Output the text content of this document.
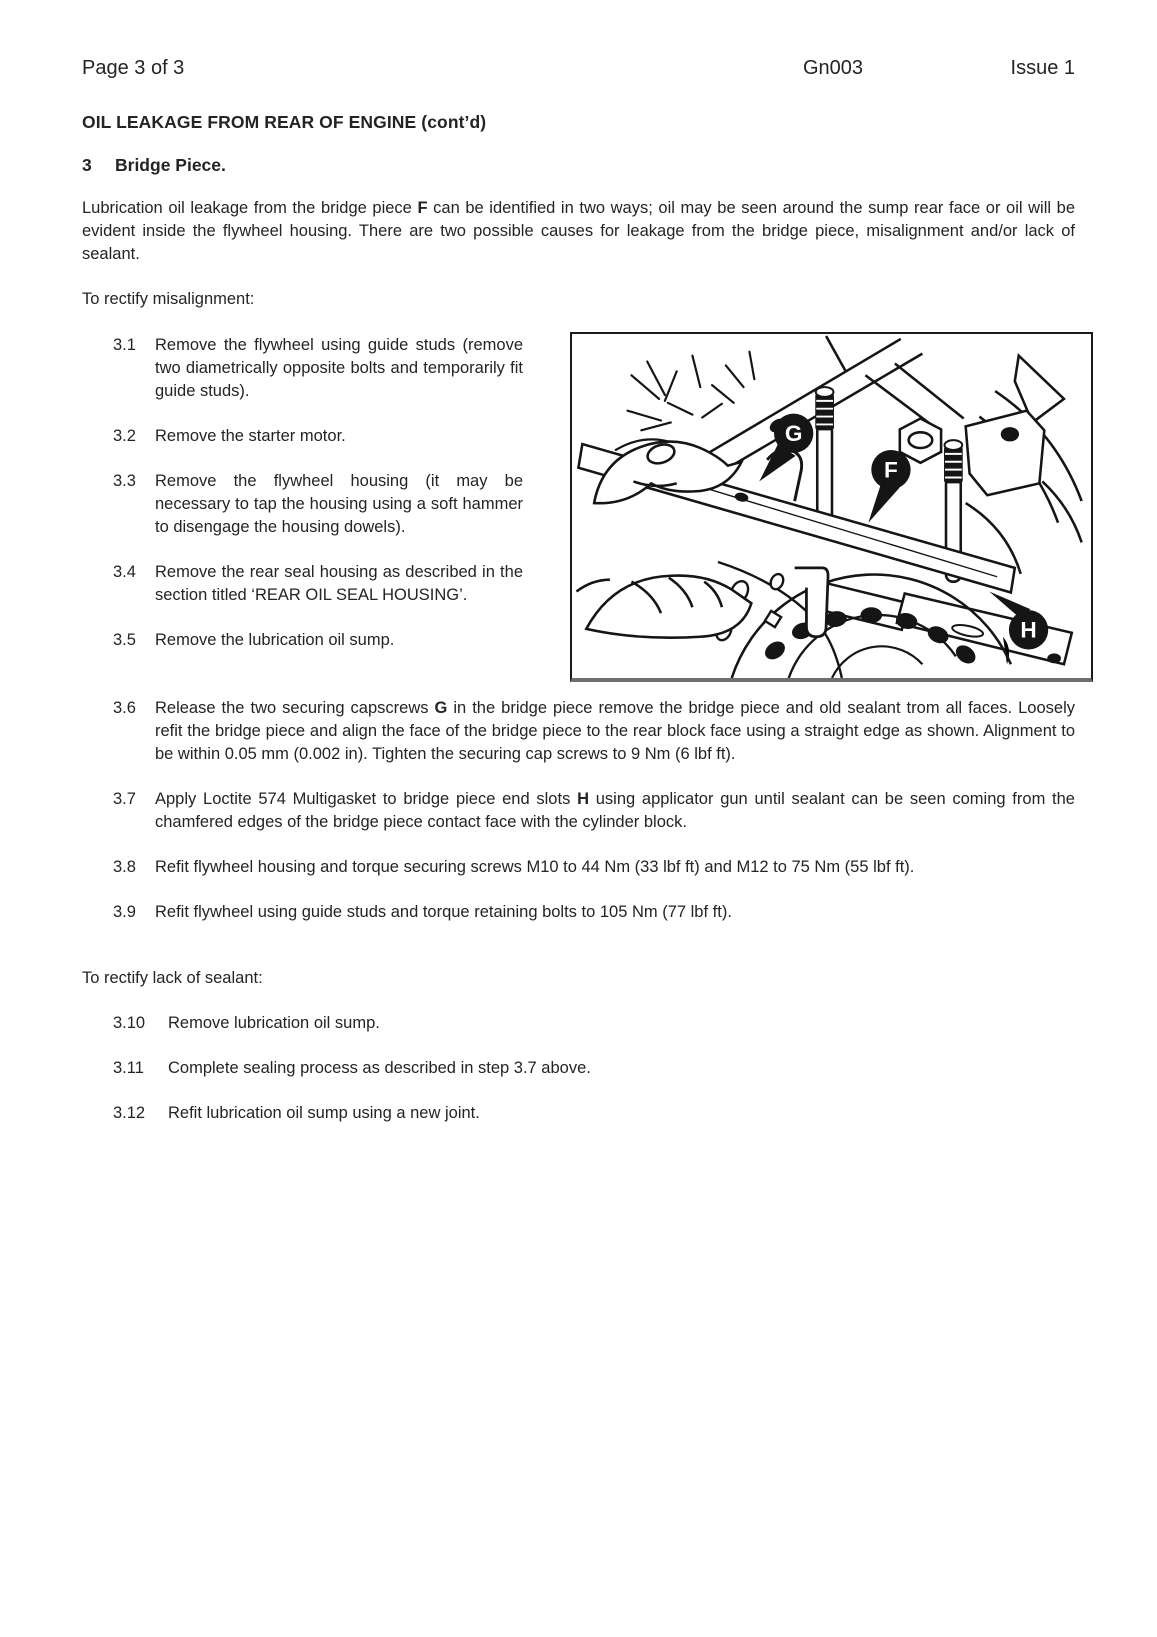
Page 3 of 3	Gn003	Issue 1
OIL LEAKAGE FROM REAR OF ENGINE (cont’d)
3 Bridge Piece.
Lubrication oil leakage from the bridge piece F can be identified in two ways; oil may be seen around the sump rear face or oil will be evident inside the flywheel housing. There are two possible causes for leakage from the bridge piece, misalignment and/or lack of sealant.
To rectify misalignment:
3.1	Remove the flywheel using guide studs (remove two diametrically opposite bolts and temporarily fit guide studs).
3.2	Remove the starter motor.
3.3	Remove the flywheel housing (it may be necessary to tap the housing using a soft hammer to disengage the housing dowels).
3.4	Remove the rear seal housing as described in the section titled ‘REAR OIL SEAL HOUSING’.
3.5	Remove the lubrication oil sump.
3.6	Release the two securing capscrews G in the bridge piece remove the bridge piece and old sealant trom all faces. Loosely refit the bridge piece and align the face of the bridge piece to the rear block face using a straight edge as shown. Alignment to be within 0.05 mm (0.002 in). Tighten the securing cap screws to 9 Nm (6 lbf ft).
3.7	Apply Loctite 574 Multigasket to bridge piece end slots H using applicator gun until sealant can be seen coming from the chamfered edges of the bridge piece contact face with the cylinder block.
3.8	Refit flywheel housing and torque securing screws M10 to 44 Nm (33 lbf ft) and M12 to 75 Nm (55 lbf ft).
3.9	Refit flywheel using guide studs and torque retaining bolts to 105 Nm (77 lbf ft).
To rectify lack of sealant:
3.10	Remove lubrication oil sump.
3.11	Complete sealing process as described in step 3.7 above.
3.12	Refit lubrication oil sump using a new joint.
G
F
H
